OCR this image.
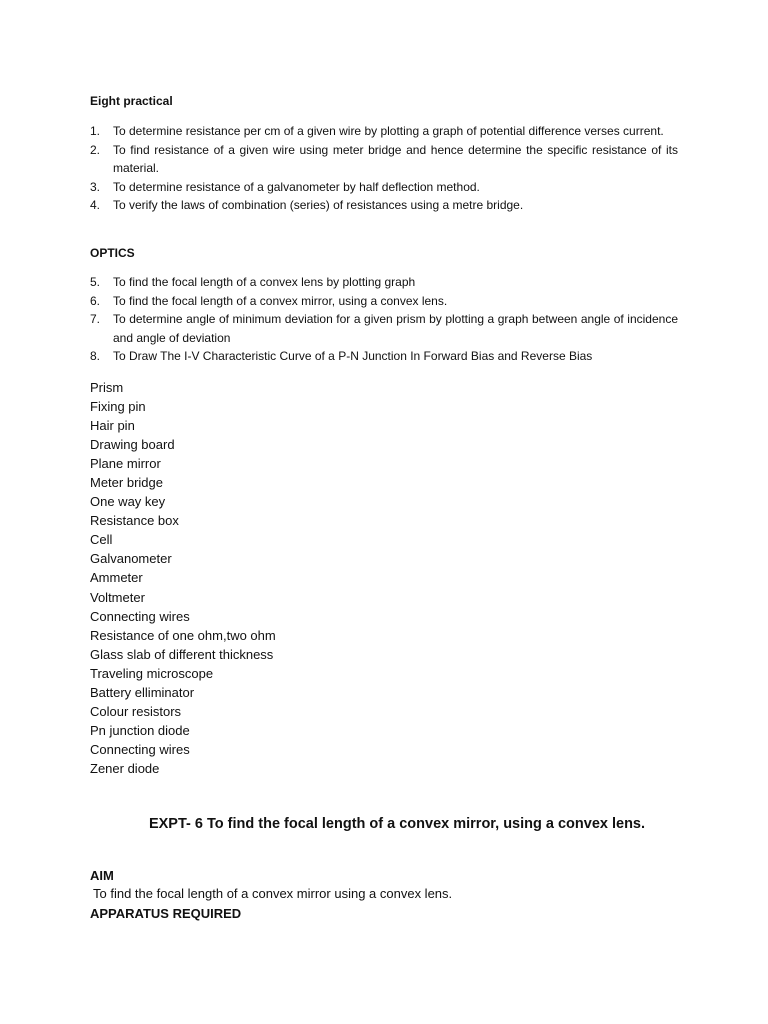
Eight practical
1. To determine resistance per cm of a given wire by plotting a graph of potential difference verses current.
2. To find resistance of a given wire using meter bridge and hence determine the specific resistance of its material.
3. To determine resistance of a galvanometer by half deflection method.
4. To verify the laws of combination (series) of resistances using a metre bridge.
OPTICS
5. To find the focal length of a convex lens by plotting graph
6. To find the focal length of a convex mirror, using a convex lens.
7. To determine angle of minimum deviation for a given prism by plotting a graph between angle of incidence and angle of deviation
8. To Draw The I-V Characteristic Curve of a P-N Junction In Forward Bias and Reverse Bias
Prism
Fixing pin
Hair pin
Drawing board
Plane mirror
Meter bridge
One way key
Resistance box
Cell
Galvanometer
Ammeter
Voltmeter
Connecting wires
Resistance of one ohm,two ohm
Glass slab of different thickness
Traveling microscope
Battery elliminator
Colour resistors
Pn junction diode
Connecting wires
Zener diode
EXPT- 6 To find the focal length of a convex mirror, using a convex lens.
AIM
To find the focal length of a convex mirror using a convex lens.
APPARATUS REQUIRED
